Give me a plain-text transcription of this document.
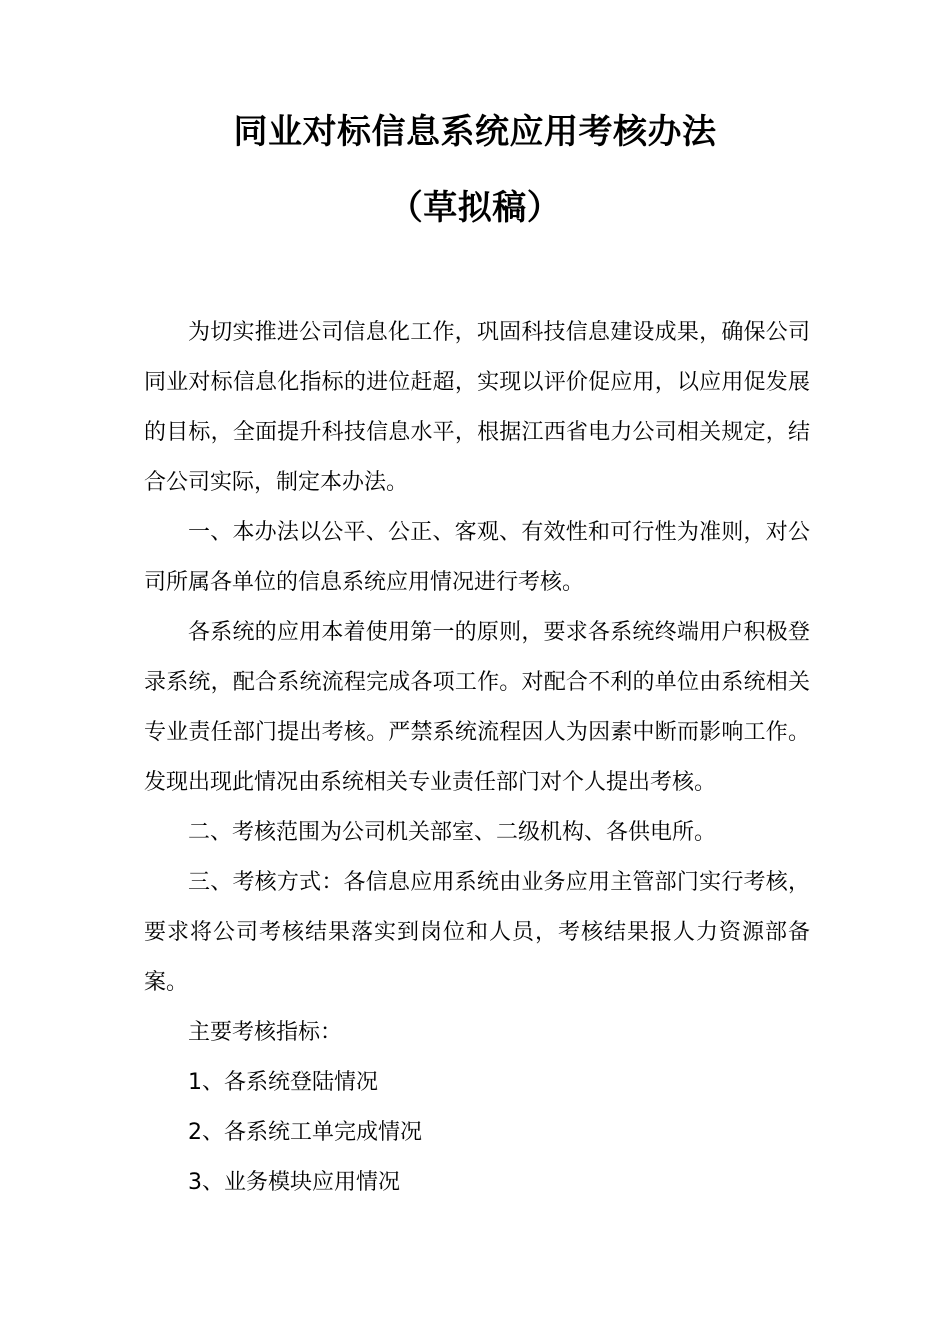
同业对标信息系统应用考核办法
（草拟稿）

为切实推进公司信息化工作，巩固科技信息建设成果，确保公司同业对标信息化指标的进位赶超，实现以评价促应用，以应用促发展的目标，全面提升科技信息水平，根据江西省电力公司相关规定，结合公司实际，制定本办法。

一、本办法以公平、公正、客观、有效性和可行性为准则，对公司所属各单位的信息系统应用情况进行考核。

各系统的应用本着使用第一的原则，要求各系统终端用户积极登录系统，配合系统流程完成各项工作。对配合不利的单位由系统相关专业责任部门提出考核。严禁系统流程因人为因素中断而影响工作。发现出现此情况由系统相关专业责任部门对个人提出考核。

二、考核范围为公司机关部室、二级机构、各供电所。

三、考核方式：各信息应用系统由业务应用主管部门实行考核，要求将公司考核结果落实到岗位和人员，考核结果报人力资源部备案。

主要考核指标：

1、各系统登陆情况

2、各系统工单完成情况

3、业务模块应用情况
